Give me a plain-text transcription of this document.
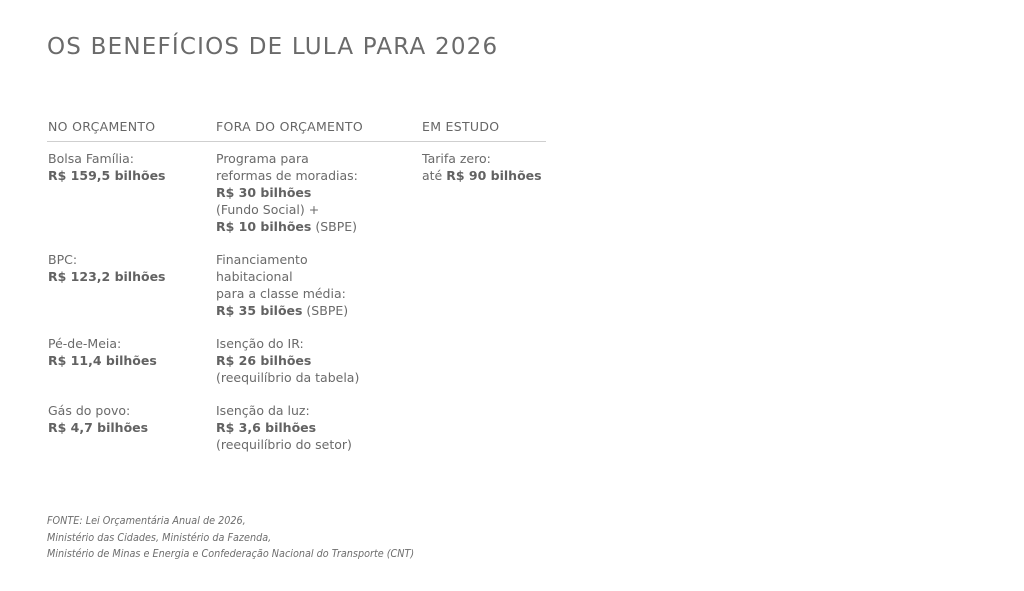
OS BENEFÍCIOS DE LULA PARA 2026
NO ORÇAMENTO	FORA DO ORÇAMENTO	EM ESTUDO
Bolsa Família:
R$ 159,5 bilhões
BPC:
R$ 123,2 bilhões
Pé-de-Meia:
R$ 11,4 bilhões
Gás do povo:
R$ 4,7 bilhões
Programa para
reformas de moradias:
R$ 30 bilhões
(Fundo Social) +
R$ 10 bilhões (SBPE)
Financiamento
habitacional
para a classe média:
R$ 35 bilões (SBPE)
Isenção do IR:
R$ 26 bilhões
(reequilíbrio da tabela)
Isenção da luz:
R$ 3,6 bilhões
(reequilíbrio do setor)
Tarifa zero:
até R$ 90 bilhões
FONTE: Lei Orçamentária Anual de 2026,
Ministério das Cidades, Ministério da Fazenda,
Ministério de Minas e Energia e Confederação Nacional do Transporte (CNT)
